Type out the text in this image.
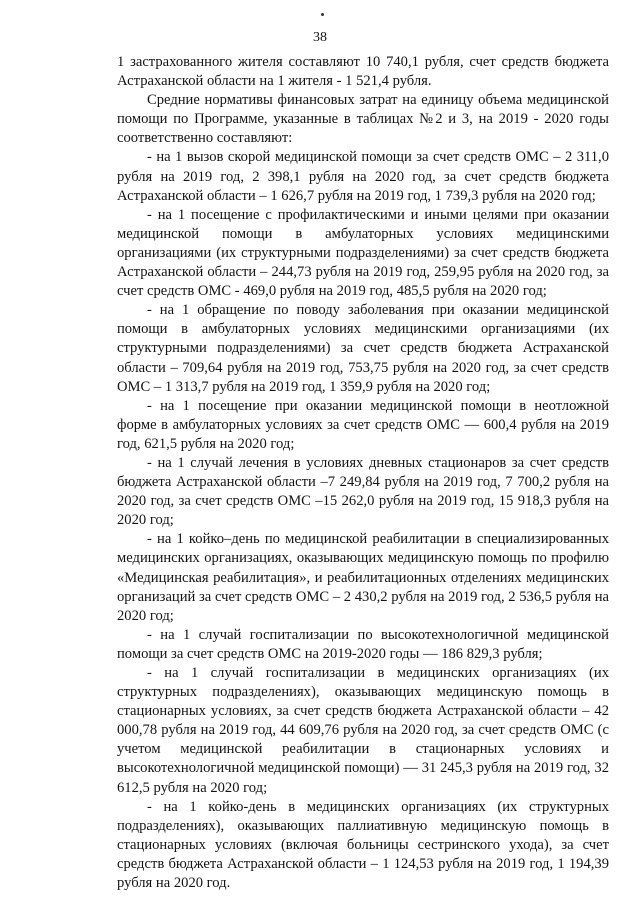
38

1 застрахованного жителя составляют 10 740,1 рубля, счет средств бюджета Астраханской области на 1 жителя - 1 521,4 рубля.

Средние нормативы финансовых затрат на единицу объема медицинской помощи по Программе, указанные в таблицах №2 и 3, на 2019 - 2020 годы соответственно составляют:

- на 1 вызов скорой медицинской помощи за счет средств ОМС – 2 311,0 рубля на 2019 год, 2 398,1 рубля на 2020 год, за счет средств бюджета Астраханской области – 1 626,7 рубля на 2019 год, 1 739,3 рубля на 2020 год;

- на 1 посещение с профилактическими и иными целями при оказании медицинской помощи в амбулаторных условиях медицинскими организациями (их структурными подразделениями) за счет средств бюджета Астраханской области – 244,73 рубля на 2019 год, 259,95 рубля на 2020 год, за счет средств ОМС - 469,0 рубля на 2019 год, 485,5 рубля на 2020 год;

- на 1 обращение по поводу заболевания при оказании медицинской помощи в амбулаторных условиях медицинскими организациями (их структурными подразделениями) за счет средств бюджета Астраханской области – 709,64 рубля на 2019 год, 753,75 рубля на 2020 год, за счет средств ОМС – 1 313,7 рубля на 2019 год, 1 359,9 рубля на 2020 год;

- на 1 посещение при оказании медицинской помощи в неотложной форме в амбулаторных условиях за счет средств ОМС — 600,4 рубля на 2019 год, 621,5 рубля на 2020 год;

- на 1 случай лечения в условиях дневных стационаров за счет средств бюджета Астраханской области –7 249,84 рубля на 2019 год, 7 700,2 рубля на 2020 год, за счет средств ОМС –15 262,0 рубля на 2019 год, 15 918,3 рубля на 2020 год;

- на 1 койко–день по медицинской реабилитации в специализированных медицинских организациях, оказывающих медицинскую помощь по профилю «Медицинская реабилитация», и реабилитационных отделениях медицинских организаций за счет средств ОМС – 2 430,2 рубля на 2019 год, 2 536,5 рубля на 2020 год;

- на 1 случай госпитализации по высокотехнологичной медицинской помощи за счет средств ОМС на 2019-2020 годы — 186 829,3 рубля;

- на 1 случай госпитализации в медицинских организациях (их структурных подразделениях), оказывающих медицинскую помощь в стационарных условиях, за счет средств бюджета Астраханской области – 42 000,78 рубля на 2019 год, 44 609,76 рубля на 2020 год, за счет средств ОМС (с учетом медицинской реабилитации в стационарных условиях и высокотехнологичной медицинской помощи) — 31 245,3 рубля на 2019 год, 32 612,5 рубля на 2020 год;

- на 1 койко-день в медицинских организациях (их структурных подразделениях), оказывающих паллиативную медицинскую помощь в стационарных условиях (включая больницы сестринского ухода), за счет средств бюджета Астраханской области – 1 124,53 рубля на 2019 год, 1 194,39 рубля на 2020 год.
